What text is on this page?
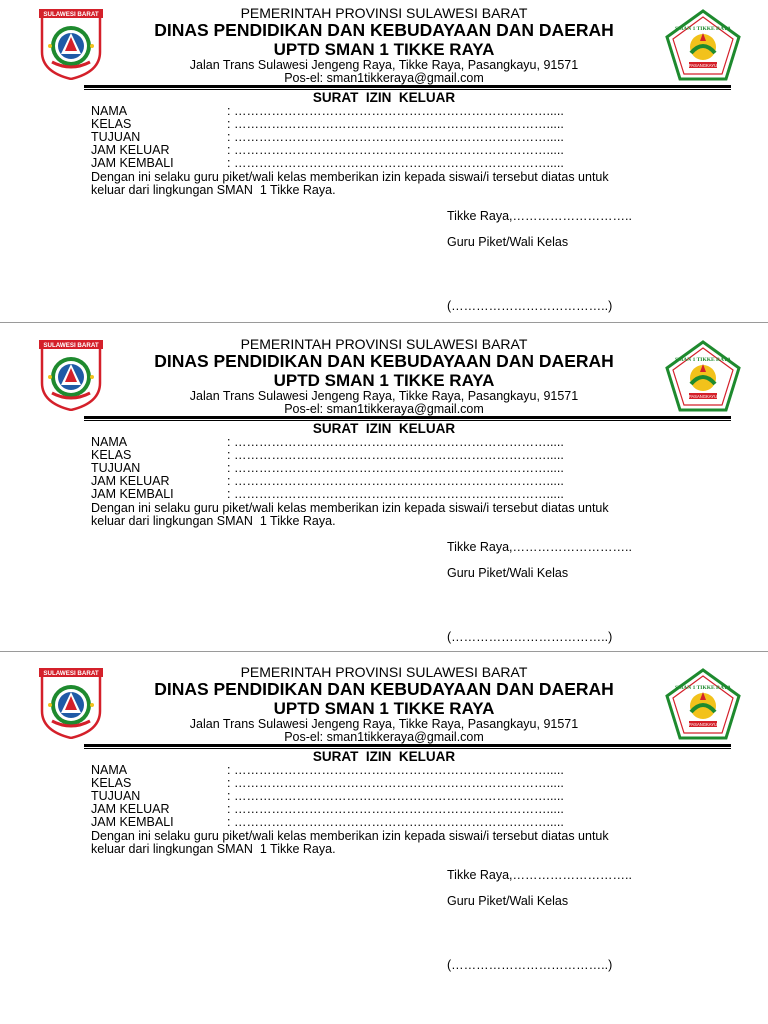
SULAWESI BARAT
PASANGKAYU
SMAN 1 TIKKE RAYA
PEMERINTAH PROVINSI SULAWESI BARAT
DINAS PENDIDIKAN DAN KEBUDAYAAN DAN DAERAH
UPTD SMAN 1 TIKKE RAYA
Jalan Trans Sulawesi Jengeng Raya, Tikke Raya, Pasangkayu, 91571
Pos-el: sman1tikkeraya@gmail.com
SURAT  IZIN  KELUAR
NAMA	: ………………………………………………………………….....
KELAS	: ………………………………………………………………….....
TUJUAN	: ………………………………………………………………….....
JAM KELUAR	: ………………………………………………………………….....
JAM KEMBALI	: ………………………………………………………………….....
Dengan ini selaku guru piket/wali kelas memberikan izin kepada siswai/i tersebut diatas untuk
keluar dari lingkungan SMAN  1 Tikke Raya.
Tikke Raya,………………………..
Guru Piket/Wali Kelas
(………………………………..)
SULAWESI BARAT
PASANGKAYU
SMAN 1 TIKKE RAYA
PEMERINTAH PROVINSI SULAWESI BARAT
DINAS PENDIDIKAN DAN KEBUDAYAAN DAN DAERAH
UPTD SMAN 1 TIKKE RAYA
Jalan Trans Sulawesi Jengeng Raya, Tikke Raya, Pasangkayu, 91571
Pos-el: sman1tikkeraya@gmail.com
SURAT  IZIN  KELUAR
NAMA	: ………………………………………………………………….....
KELAS	: ………………………………………………………………….....
TUJUAN	: ………………………………………………………………….....
JAM KELUAR	: ………………………………………………………………….....
JAM KEMBALI	: ………………………………………………………………….....
Dengan ini selaku guru piket/wali kelas memberikan izin kepada siswai/i tersebut diatas untuk
keluar dari lingkungan SMAN  1 Tikke Raya.
Tikke Raya,………………………..
Guru Piket/Wali Kelas
(………………………………..)
SULAWESI BARAT
PASANGKAYU
SMAN 1 TIKKE RAYA
PEMERINTAH PROVINSI SULAWESI BARAT
DINAS PENDIDIKAN DAN KEBUDAYAAN DAN DAERAH
UPTD SMAN 1 TIKKE RAYA
Jalan Trans Sulawesi Jengeng Raya, Tikke Raya, Pasangkayu, 91571
Pos-el: sman1tikkeraya@gmail.com
SURAT  IZIN  KELUAR
NAMA	: ………………………………………………………………….....
KELAS	: ………………………………………………………………….....
TUJUAN	: ………………………………………………………………….....
JAM KELUAR	: ………………………………………………………………….....
JAM KEMBALI	: ………………………………………………………………….....
Dengan ini selaku guru piket/wali kelas memberikan izin kepada siswai/i tersebut diatas untuk
keluar dari lingkungan SMAN  1 Tikke Raya.
Tikke Raya,………………………..
Guru Piket/Wali Kelas
(………………………………..)
